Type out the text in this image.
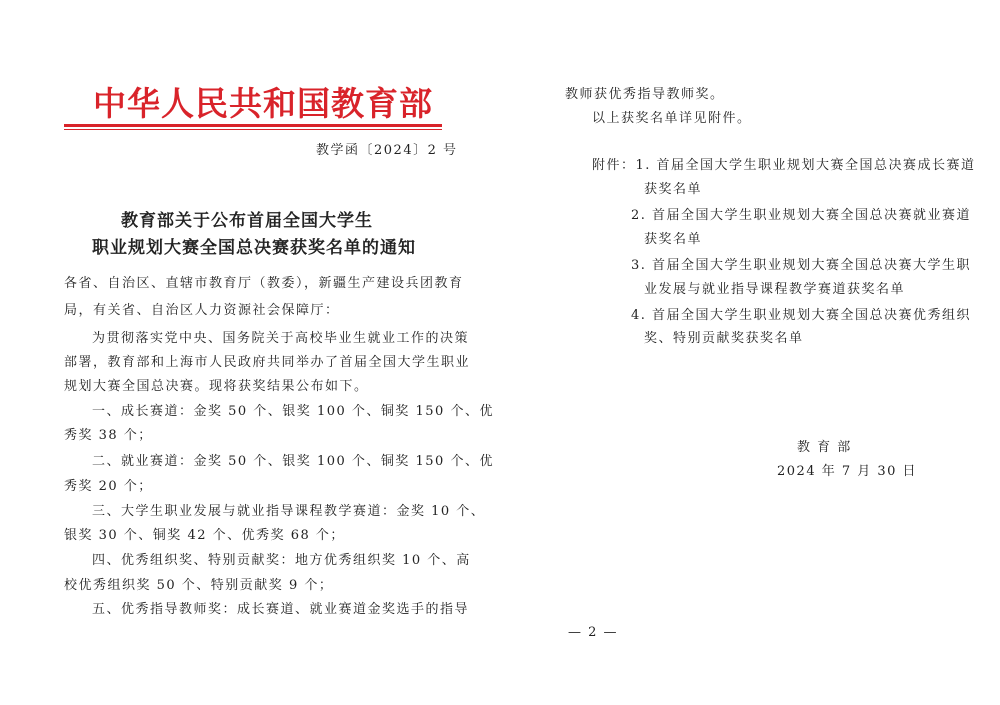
中华人民共和国教育部
教学函〔2024〕2 号
教育部关于公布首届全国大学生
职业规划大赛全国总决赛获奖名单的通知
各省、自治区、直辖市教育厅（教委），新疆生产建设兵团教育
局，有关省、自治区人力资源社会保障厅：
为贯彻落实党中央、国务院关于高校毕业生就业工作的决策
部署，教育部和上海市人民政府共同举办了首届全国大学生职业
规划大赛全国总决赛。现将获奖结果公布如下。
一、成长赛道：金奖 50 个、银奖 100 个、铜奖 150 个、优
秀奖 38 个；
二、就业赛道：金奖 50 个、银奖 100 个、铜奖 150 个、优
秀奖 20 个；
三、大学生职业发展与就业指导课程教学赛道：金奖 10 个、
银奖 30 个、铜奖 42 个、优秀奖 68 个；
四、优秀组织奖、特别贡献奖：地方优秀组织奖 10 个、高
校优秀组织奖 50 个、特别贡献奖 9 个；
五、优秀指导教师奖：成长赛道、就业赛道金奖选手的指导
教师获优秀指导教师奖。
以上获奖名单详见附件。
附件：1. 首届全国大学生职业规划大赛全国总决赛成长赛道
获奖名单
2. 首届全国大学生职业规划大赛全国总决赛就业赛道
获奖名单
3. 首届全国大学生职业规划大赛全国总决赛大学生职
业发展与就业指导课程教学赛道获奖名单
4. 首届全国大学生职业规划大赛全国总决赛优秀组织
奖、特别贡献奖获奖名单
教 育 部
2024 年 7 月 30 日
— 2 —
